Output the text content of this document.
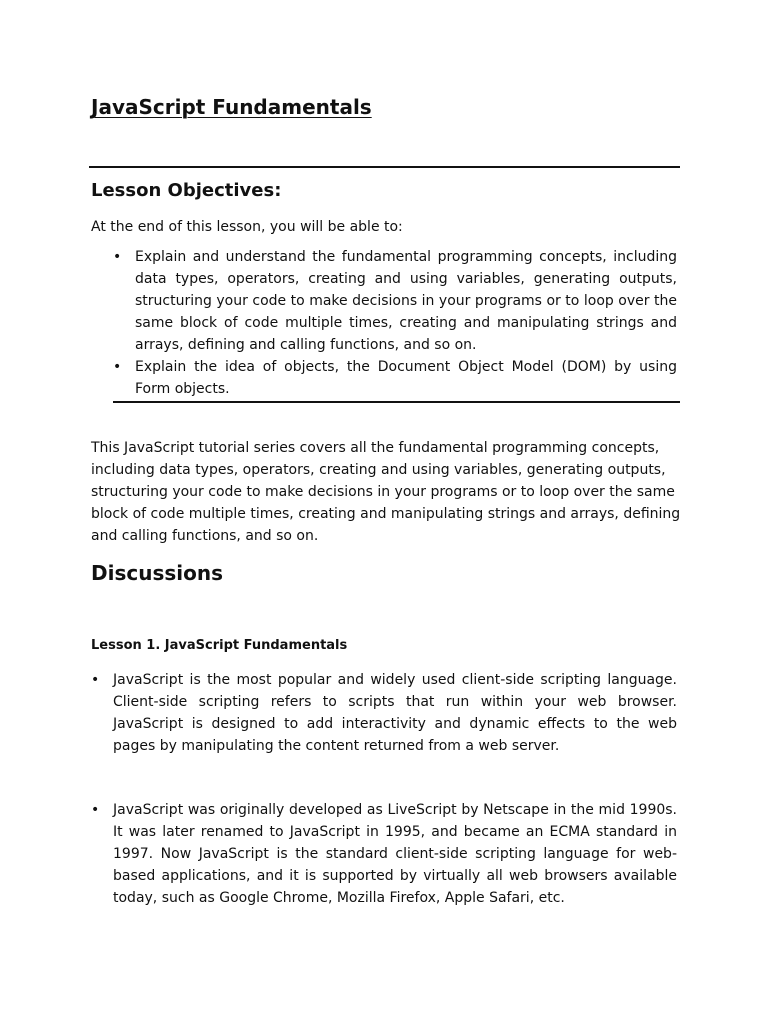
JavaScript Fundamentals
Lesson Objectives:

At the end of this lesson, you will be able to:

• Explain and understand the fundamental programming concepts, including data types, operators, creating and using variables, generating outputs, structuring your code to make decisions in your programs or to loop over the same block of code multiple times, creating and manipulating strings and arrays, defining and calling functions, and so on.
• Explain the idea of objects, the Document Object Model (DOM) by using Form objects.

This JavaScript tutorial series covers all the fundamental programming concepts, including data types, operators, creating and using variables, generating outputs, structuring your code to make decisions in your programs or to loop over the same block of code multiple times, creating and manipulating strings and arrays, defining and calling functions, and so on.

Discussions
Lesson 1. JavaScript Fundamentals
• JavaScript is the most popular and widely used client-side scripting language. Client-side scripting refers to scripts that run within your web browser. JavaScript is designed to add interactivity and dynamic effects to the web pages by manipulating the content returned from a web server.
• JavaScript was originally developed as LiveScript by Netscape in the mid 1990s. It was later renamed to JavaScript in 1995, and became an ECMA standard in 1997. Now JavaScript is the standard client-side scripting language for web-based applications, and it is supported by virtually all web browsers available today, such as Google Chrome, Mozilla Firefox, Apple Safari, etc.
